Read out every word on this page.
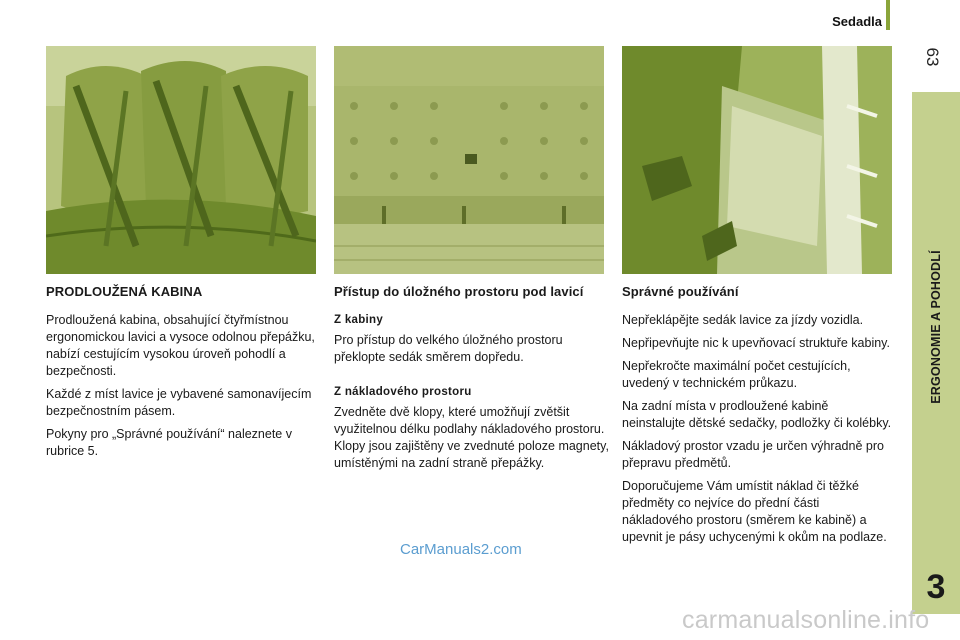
Sedadla
63
ERGONOMIE A POHODLÍ
3
PRODLOUŽENÁ KABINA

Prodloužená kabina, obsahující čtyřmístnou ergonomickou lavici a vysoce odolnou přepážku, nabízí cestujícím vysokou úroveň pohodlí a bezpečnosti.

Každé z míst lavice je vybavené samonavíjecím bezpečnostním pásem.

Pokyny pro „Správné používání“ naleznete v rubrice 5.

Přístup do úložného prostoru pod lavicí
Z kabiny

Pro přístup do velkého úložného prostoru překlopte sedák směrem dopředu.

Z nákladového prostoru

Zvedněte dvě klopy, které umožňují zvětšit využitelnou délku podlahy nákladového prostoru. Klopy jsou zajištěny ve zvednuté poloze magnety, umístěnými na zadní straně přepážky.

Správné používání

Nepřeklápějte sedák lavice za jízdy vozidla.

Nepřipevňujte nic k upevňovací struktuře kabiny.

Nepřekročte maximální počet cestujících, uvedený v technickém průkazu.

Na zadní místa v prodloužené kabině neinstalujte dětské sedačky, podložky či kolébky.

Nákladový prostor vzadu je určen výhradně pro přepravu předmětů.

Doporučujeme Vám umístit náklad či těžké předměty co nejvíce do přední části nákladového prostoru (směrem ke kabině) a upevnit je pásy uchycenými k okům na podlaze.

CarManuals2.com
carmanualsonline.info
